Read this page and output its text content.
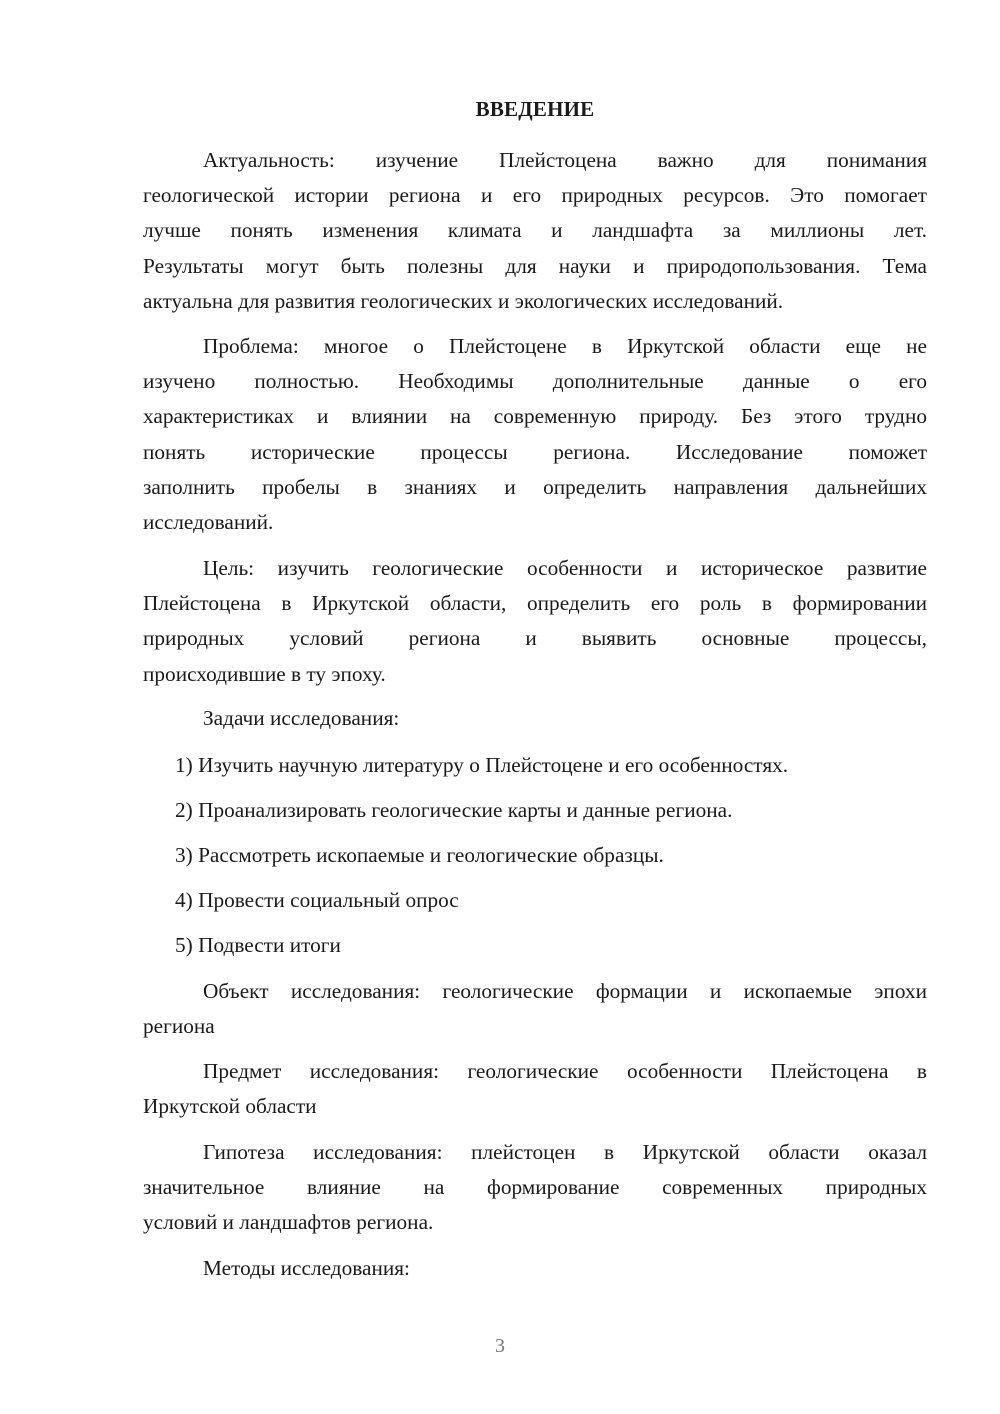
ВВЕДЕНИЕ
Актуальность: изучение Плейстоцена важно для понимания
геологической истории региона и его природных ресурсов. Это помогает
лучше понять изменения климата и ландшафта за миллионы лет.
Результаты могут быть полезны для науки и природопользования. Тема
актуальна для развития геологических и экологических исследований.
Проблема: многое о Плейстоцене в Иркутской области еще не
изучено полностью. Необходимы дополнительные данные о его
характеристиках и влиянии на современную природу. Без этого трудно
понять исторические процессы региона. Исследование поможет
заполнить пробелы в знаниях и определить направления дальнейших
исследований.
Цель: изучить геологические особенности и историческое развитие
Плейстоцена в Иркутской области, определить его роль в формировании
природных условий региона и выявить основные процессы,
происходившие в ту эпоху.
Задачи исследования:
1) Изучить научную литературу о Плейстоцене и его особенностях.
2) Проанализировать геологические карты и данные региона.
3) Рассмотреть ископаемые и геологические образцы.
4) Провести социальный опрос
5) Подвести итоги
Объект исследования: геологические формации и ископаемые эпохи
региона
Предмет исследования: геологические особенности Плейстоцена в
Иркутской области
Гипотеза исследования: плейстоцен в Иркутской области оказал
значительное влияние на формирование современных природных
условий и ландшафтов региона.
Методы исследования:
3
